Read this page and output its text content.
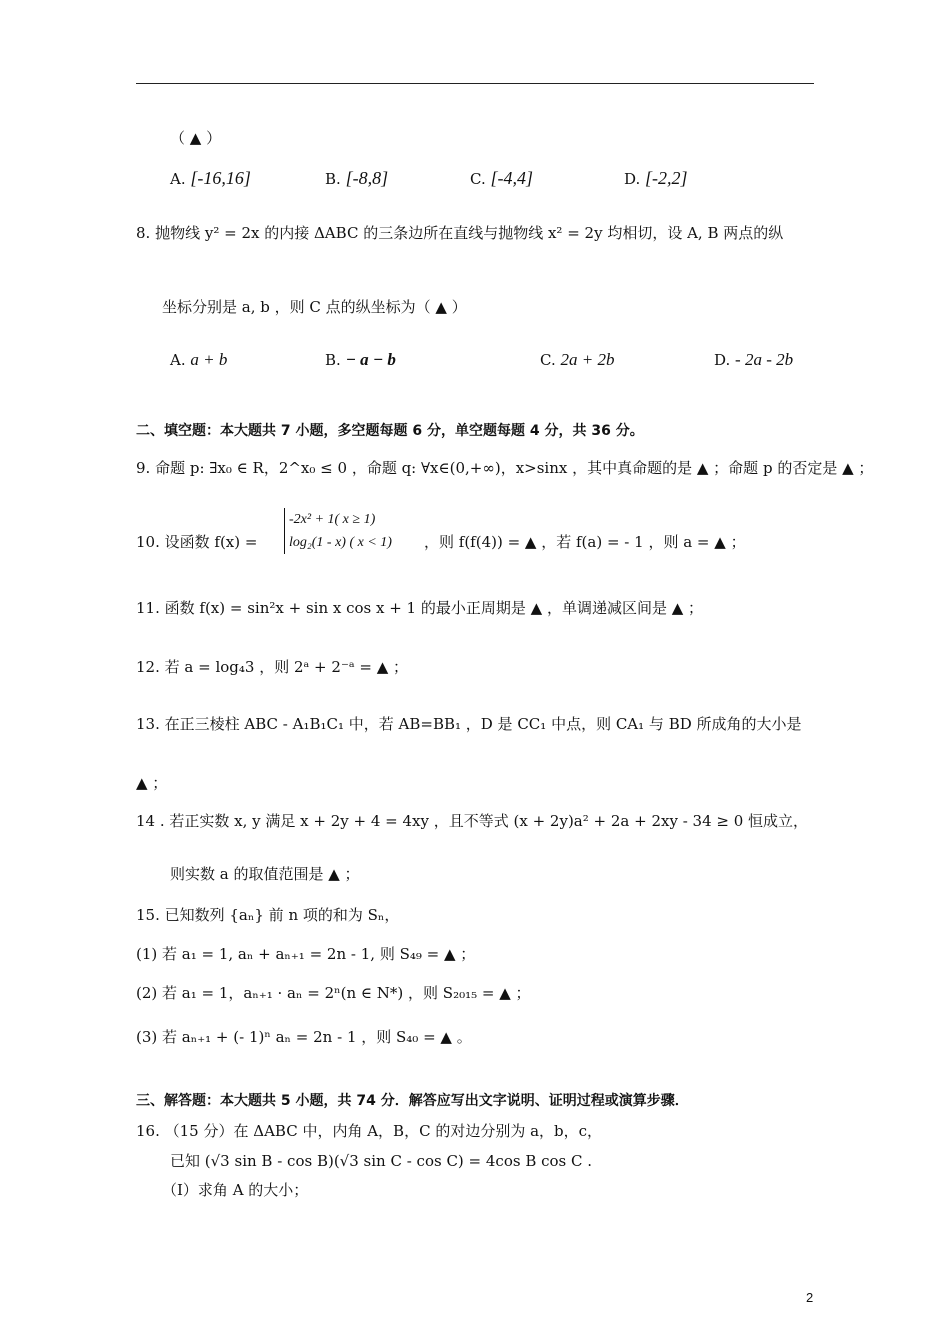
（ ▲ ）
A. [-16,16]	B. [-8,8]	C. [-4,4]	D. [-2,2]
8. 抛物线 y² = 2x 的内接 ΔABC 的三条边所在直线与抛物线 x² = 2y 均相切，设 A, B 两点的纵
坐标分别是 a, b ，则 C 点的纵坐标为（ ▲ ）
A. a + b	B. − a − b	C. 2a + 2b	D. - 2a - 2b
二、填空题：本大题共 7 小题，多空题每题 6 分，单空题每题 4 分，共 36 分。
9. 命题 p: ∃x₀ ∈ R，2^x₀ ≤ 0 ，命题 q: ∀x∈(0,+∞)，x>sinx ，其中真命题的是 ▲ ；命题 p 的否定是 ▲ ；
10. 设函数 f(x) =
-2x² + 1( x ≥ 1)
log₂(1 - x) ( x < 1) ，则 f(f(4)) = ▲ ，若 f(a) = - 1 ，则 a = ▲ ；
11. 函数 f(x) = sin²x + sin x cos x + 1 的最小正周期是 ▲ ，单调递减区间是 ▲ ；
12. 若 a = log₄3 ，则 2ᵃ + 2⁻ᵃ = ▲ ；
13. 在正三棱柱 ABC - A₁B₁C₁ 中，若 AB=BB₁ ，D 是 CC₁ 中点，则 CA₁ 与 BD 所成角的大小是
▲ ；
14 . 若正实数 x, y 满足 x + 2y + 4 = 4xy ，且不等式 (x + 2y)a² + 2a + 2xy - 34 ≥ 0 恒成立，
则实数 a 的取值范围是 ▲ ；
15. 已知数列 {aₙ} 前 n 项的和为 Sₙ，
(1) 若 a₁ = 1, aₙ + aₙ₊₁ = 2n - 1, 则 S₄₉ = ▲ ；
(2) 若 a₁ = 1，aₙ₊₁ · aₙ = 2ⁿ(n ∈ N*) ，则 S₂₀₁₅ = ▲ ；
(3) 若 aₙ₊₁ + (- 1)ⁿ aₙ = 2n - 1 ，则 S₄₀ = ▲ 。
三、解答题：本大题共 5 小题，共 74 分．解答应写出文字说明、证明过程或演算步骤．
16. （15 分）在 ΔABC 中，内角 A，B，C 的对边分别为 a，b，c，
已知 (√3 sin B - cos B)(√3 sin C - cos C) = 4cos B cos C .
（Ⅰ）求角 A 的大小；
2
